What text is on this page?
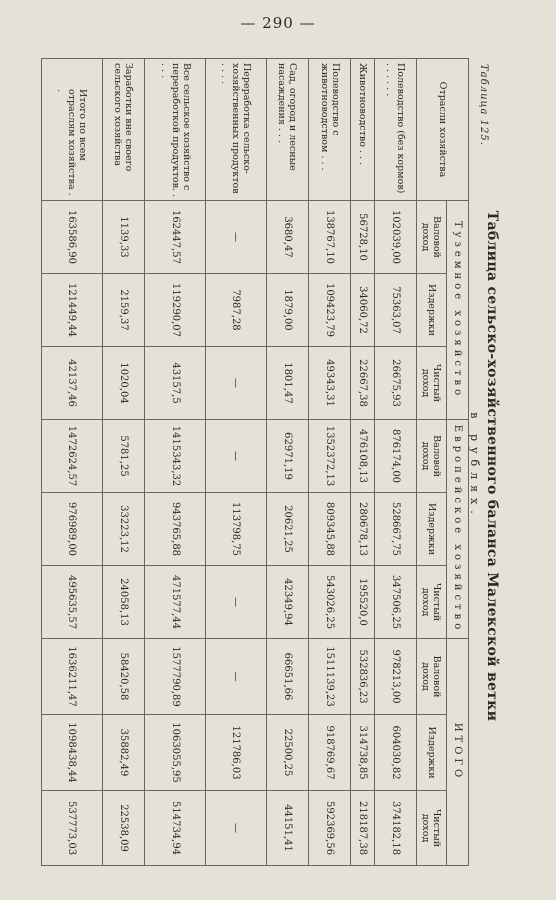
— 290 —
Таблица 125.
Таблица сельско-хозяйственного баланса Малекской ветки
в рублях.
Отрасли хозяйства	Туземное хозяйство			Европейское хозяйство			ИТОГО		
	Валовой доход	Издержки	Чистый доход	Валовой доход	Издержки	Чистый доход	Валовой доход	Издержки	Чистый доход
Полеводство (без кормов) . . . . . .	102039,00	75363,07	26675,93	876174,00	528667,75	347506,25	978213,00	604030,82	374182,18
Животноводство . . .	56728,10	34060,72	22667,38	476108,13	280678,13	195520,0	532836,23	314738,85	218187,38
Полеводство с животноводством . . .	138767,10	109423,79	49343,31	1352372,13	809345,88	543026,25	1511139,23	918769,67	592369,56
Сад, огород и лесные насаждения . . .	3680,47	1879,00	1801,47	62971,19	20621,25	42349,94	66651,66	22500,25	44151,41
Переработка сельско-хозяйственных продуктов . . . .	—	7987,28	—	—	113798,75	—	—	121786,03	—
Все сельское хозяйство с переработкой продуктов. . . . .	162447,57	119290,07	43157,5	1415343,32	943765,88	471577,44	1577790,89	1063055,95	514734,94
Заработки вне своего сельского хозяйства	1139,33	2159,37	1020,04	5781,25	33223,12	24058,13	58420,58	35882,49	22538,09
Итого по всем отраслям хозяйства . .	163586,90	121449,44	42137,46	1472624,57	976989,00	495635,57	1636211,47	1098438,44	537773,03
